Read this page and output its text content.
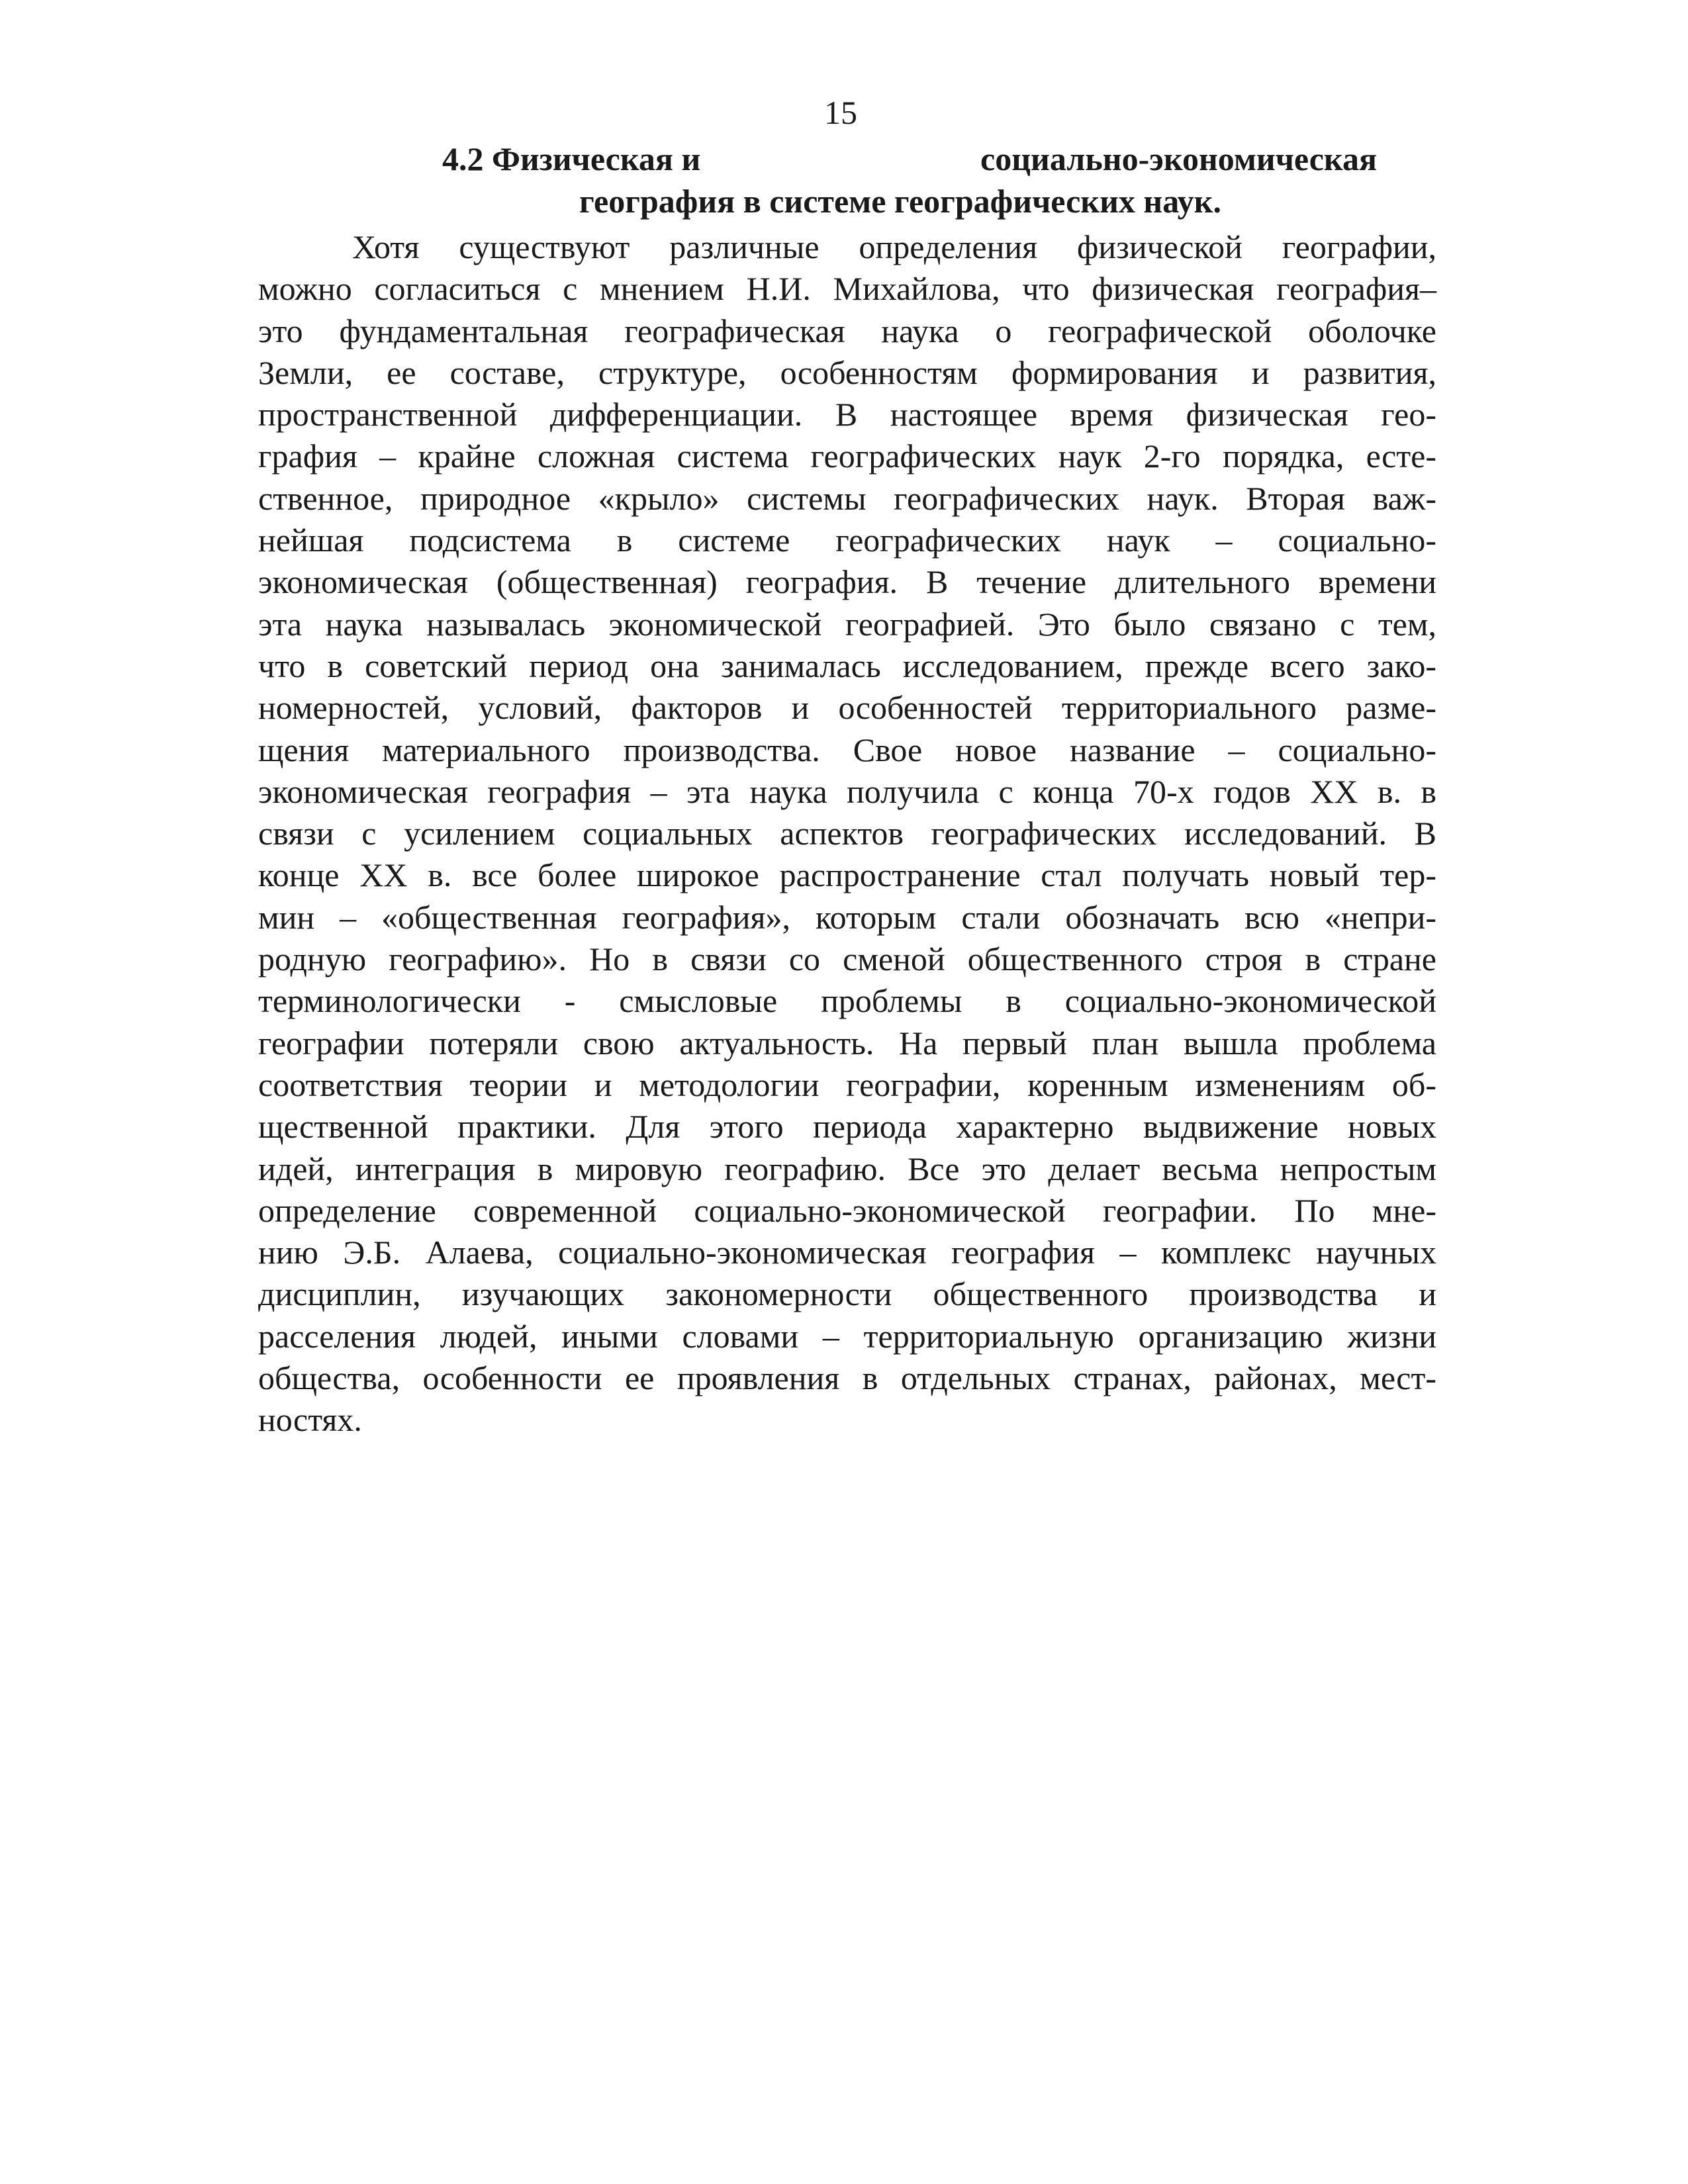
15
4.2 Физическая и	социально-экономическая
география в системе географических наук.
Хотя существуют различные определения физической географии,
можно согласиться с мнением Н.И. Михайлова, что физическая география–
это фундаментальная географическая наука о географической оболочке
Земли, ее составе, структуре, особенностям формирования и развития,
пространственной дифференциации. В настоящее время физическая гео-
графия – крайне сложная система географических наук 2-го порядка, есте-
ственное, природное «крыло» системы географических наук. Вторая важ-
нейшая подсистема в системе географических наук – социально-
экономическая (общественная) география. В течение длительного времени
эта наука называлась экономической географией. Это было связано с тем,
что в советский период она занималась исследованием, прежде всего зако-
номерностей, условий, факторов и особенностей территориального разме-
щения материального производства. Свое новое название – социально-
экономическая география – эта наука получила с конца 70-х годов XX в. в
связи с усилением социальных аспектов географических исследований. В
конце XX в. все более широкое распространение стал получать новый тер-
мин – «общественная география», которым стали обозначать всю «непри-
родную географию». Но в связи со сменой общественного строя в стране
терминологически - смысловые проблемы в социально-экономической
географии потеряли свою актуальность. На первый план вышла проблема
соответствия теории и методологии географии, коренным изменениям об-
щественной практики. Для этого периода характерно выдвижение новых
идей, интеграция в мировую географию. Все это делает весьма непростым
определение современной социально-экономической географии. По мне-
нию Э.Б. Алаева, социально-экономическая география – комплекс научных
дисциплин, изучающих закономерности общественного производства и
расселения людей, иными словами – территориальную организацию жизни
общества, особенности ее проявления в отдельных странах, районах, мест-
ностях.
